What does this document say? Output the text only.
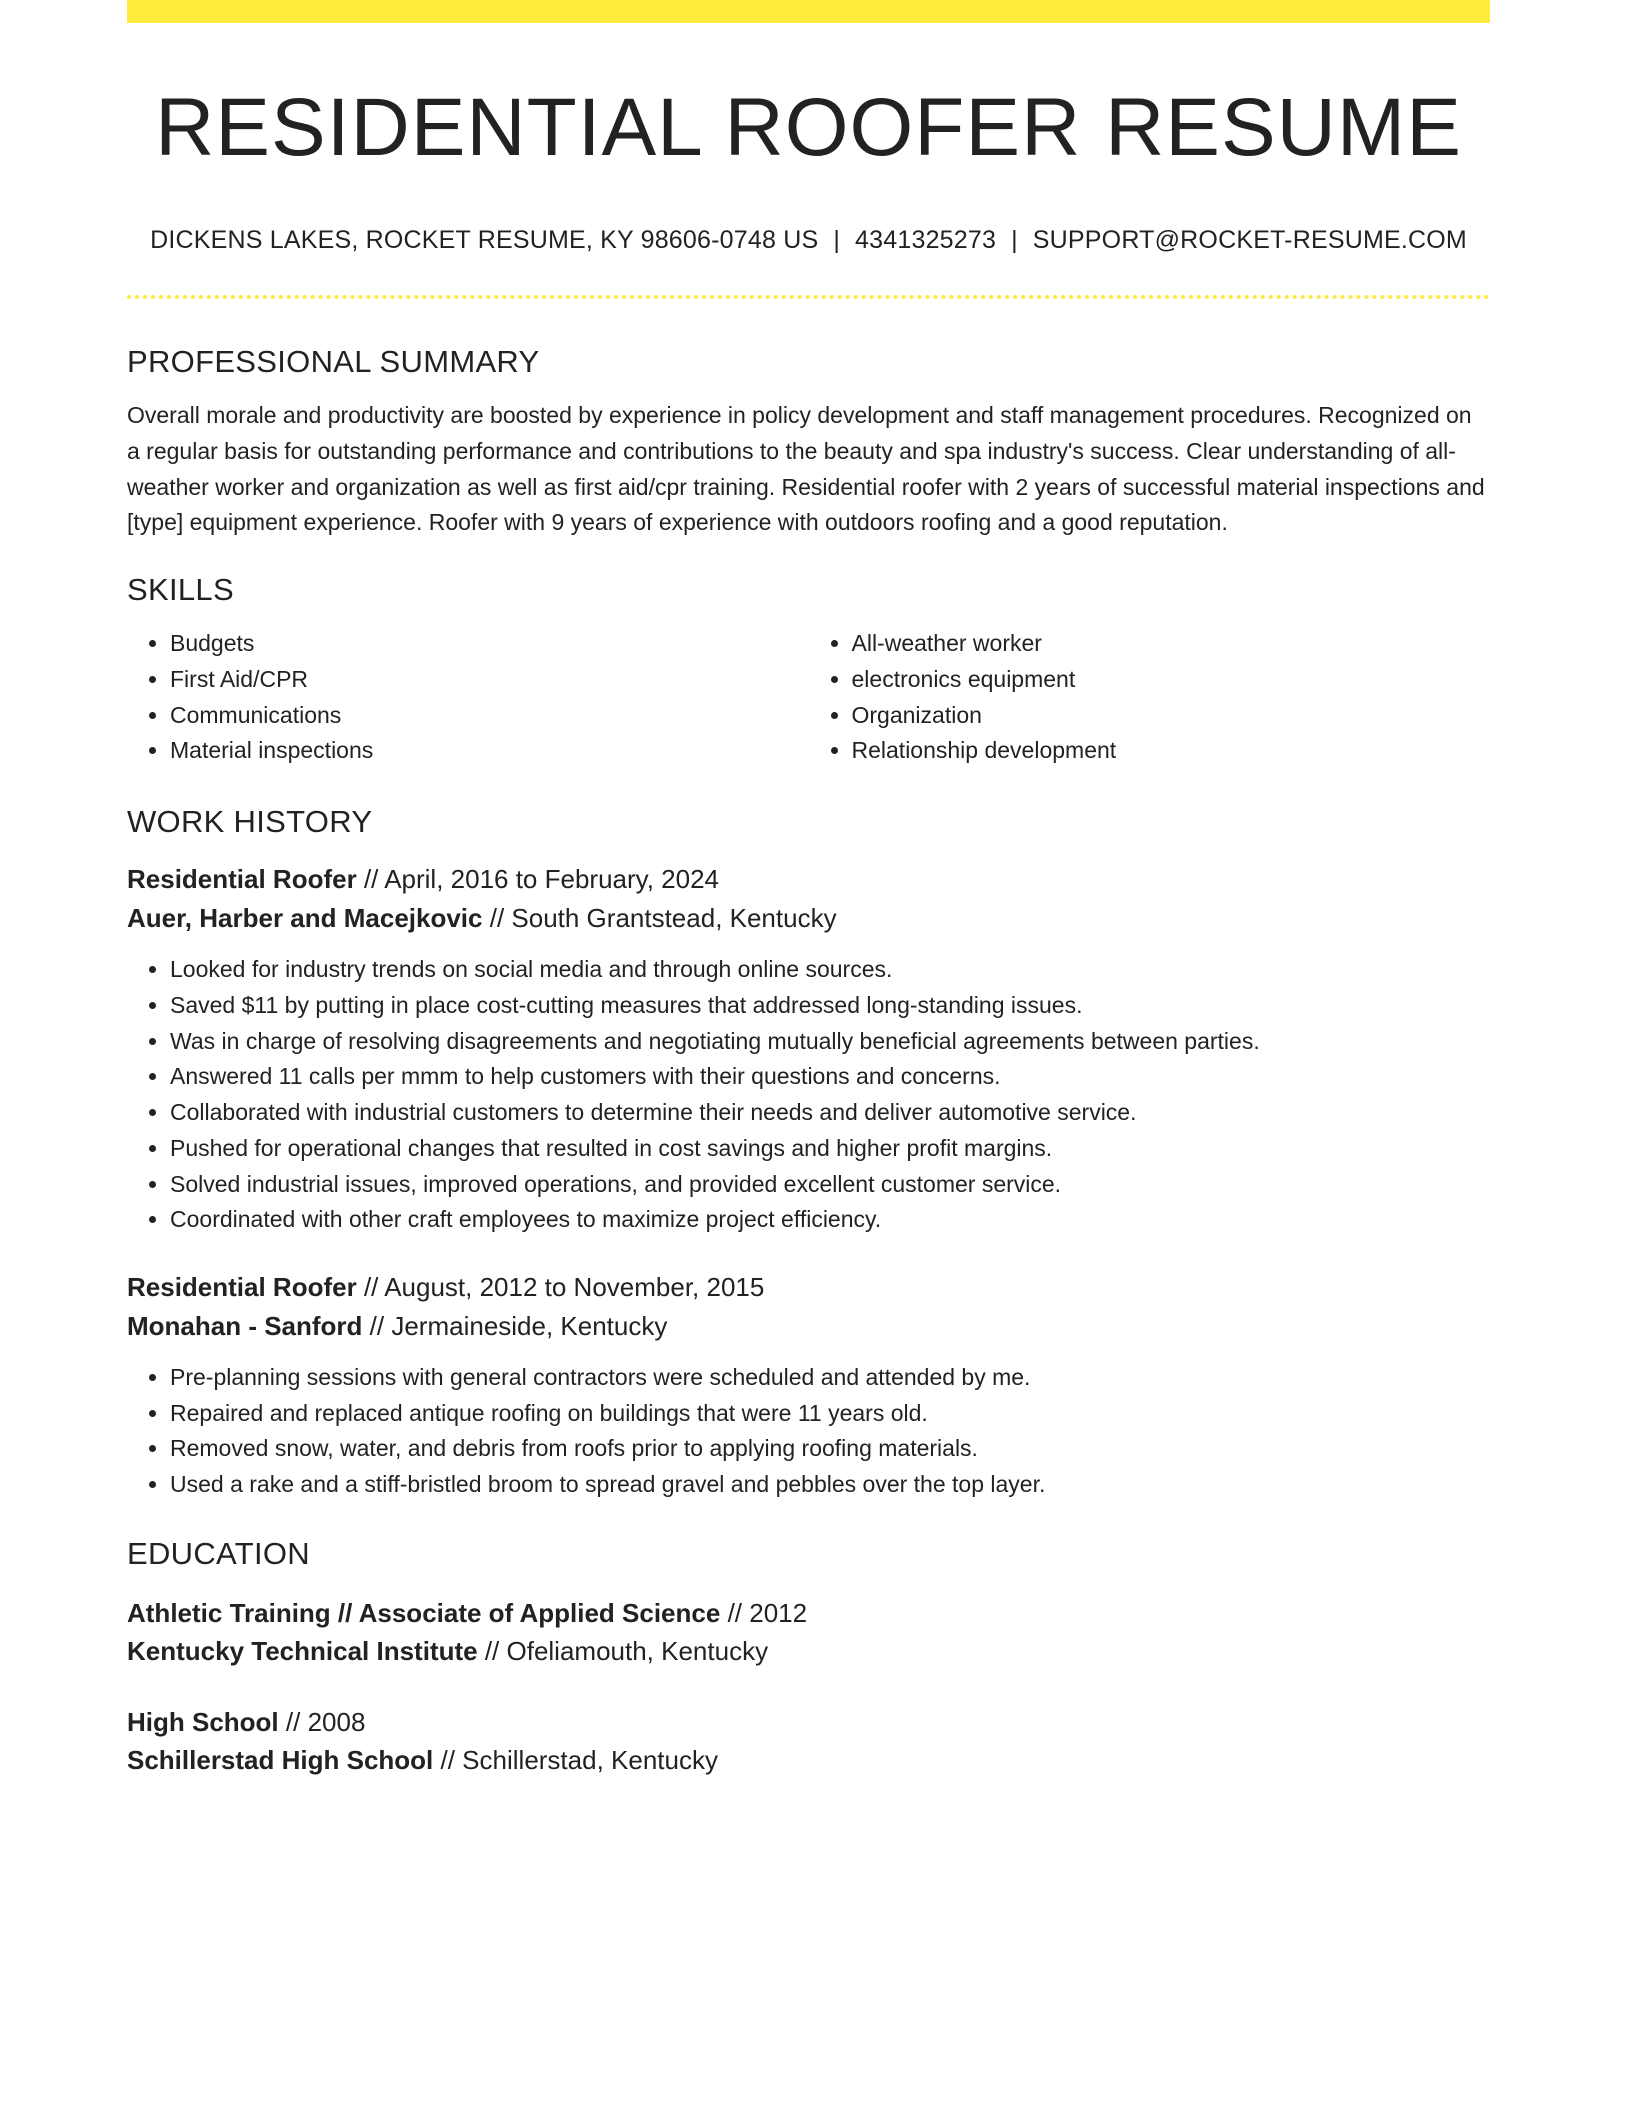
RESIDENTIAL ROOFER RESUME
DICKENS LAKES, ROCKET RESUME, KY 98606-0748 US | 4341325273 | SUPPORT@ROCKET-RESUME.COM
PROFESSIONAL SUMMARY

Overall morale and productivity are boosted by experience in policy development and staff management procedures. Recognized on a regular basis for outstanding performance and contributions to the beauty and spa industry's success. Clear understanding of all-weather worker and organization as well as first aid/cpr training. Residential roofer with 2 years of successful material inspections and [type] equipment experience. Roofer with 9 years of experience with outdoors roofing and a good reputation.

SKILLS
• Budgets
• First Aid/CPR
• Communications
• Material inspections
• All-weather worker
• electronics equipment
• Organization
• Relationship development
WORK HISTORY
Residential Roofer // April, 2016 to February, 2024
Auer, Harber and Macejkovic // South Grantstead, Kentucky
• Looked for industry trends on social media and through online sources.
• Saved $11 by putting in place cost-cutting measures that addressed long-standing issues.
• Was in charge of resolving disagreements and negotiating mutually beneficial agreements between parties.
• Answered 11 calls per mmm to help customers with their questions and concerns.
• Collaborated with industrial customers to determine their needs and deliver automotive service.
• Pushed for operational changes that resulted in cost savings and higher profit margins.
• Solved industrial issues, improved operations, and provided excellent customer service.
• Coordinated with other craft employees to maximize project efficiency.
Residential Roofer // August, 2012 to November, 2015
Monahan - Sanford // Jermaineside, Kentucky
• Pre-planning sessions with general contractors were scheduled and attended by me.
• Repaired and replaced antique roofing on buildings that were 11 years old.
• Removed snow, water, and debris from roofs prior to applying roofing materials.
• Used a rake and a stiff-bristled broom to spread gravel and pebbles over the top layer.
EDUCATION
Athletic Training // Associate of Applied Science // 2012
Kentucky Technical Institute // Ofeliamouth, Kentucky
High School // 2008
Schillerstad High School // Schillerstad, Kentucky
